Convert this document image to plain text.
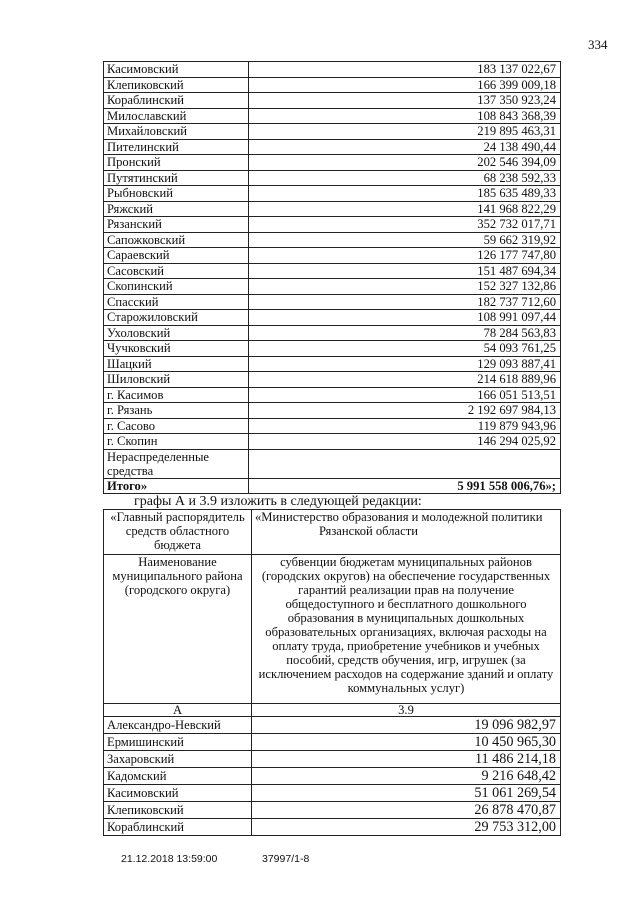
334
Касимовский	183 137 022,67
Клепиковский	166 399 009,18
Кораблинский	137 350 923,24
Милославский	108 843 368,39
Михайловский	219 895 463,31
Пителинский	24 138 490,44
Пронский	202 546 394,09
Путятинский	68 238 592,33
Рыбновский	185 635 489,33
Ряжский	141 968 822,29
Рязанский	352 732 017,71
Сапожковский	59 662 319,92
Сараевский	126 177 747,80
Сасовский	151 487 694,34
Скопинский	152 327 132,86
Спасский	182 737 712,60
Старожиловский	108 991 097,44
Ухоловский	78 284 563,83
Чучковский	54 093 761,25
Шацкий	129 093 887,41
Шиловский	214 618 889,96
г. Касимов	166 051 513,51
г. Рязань	2 192 697 984,13
г. Сасово	119 879 943,96
г. Скопин	146 294 025,92
Нераспределенные средства	
Итого»	5 991 558 006,76»;
графы А и 3.9 изложить в следующей редакции:
«Главный распорядитель средств областного бюджета	«Министерство образования и молодежной политики
Рязанской области

Наименование муниципального района (городского округа)	субвенции бюджетам муниципальных районов (городских округов) на обеспечение государственных гарантий реализации прав на получение общедоступного и бесплатного дошкольного образования в муниципальных дошкольных образовательных организациях, включая расходы на оплату труда, приобретение учебников и учебных пособий, средств обучения, игр, игрушек (за исключением расходов на содержание зданий и оплату коммунальных услуг)
А	3.9
Александро-Невский	19 096 982,97
Ермишинский	10 450 965,30
Захаровский	11 486 214,18
Кадомский	9 216 648,42
Касимовский	51 061 269,54
Клепиковский	26 878 470,87
Кораблинский	29 753 312,00
21.12.2018 13:59:00	37997/1-8
